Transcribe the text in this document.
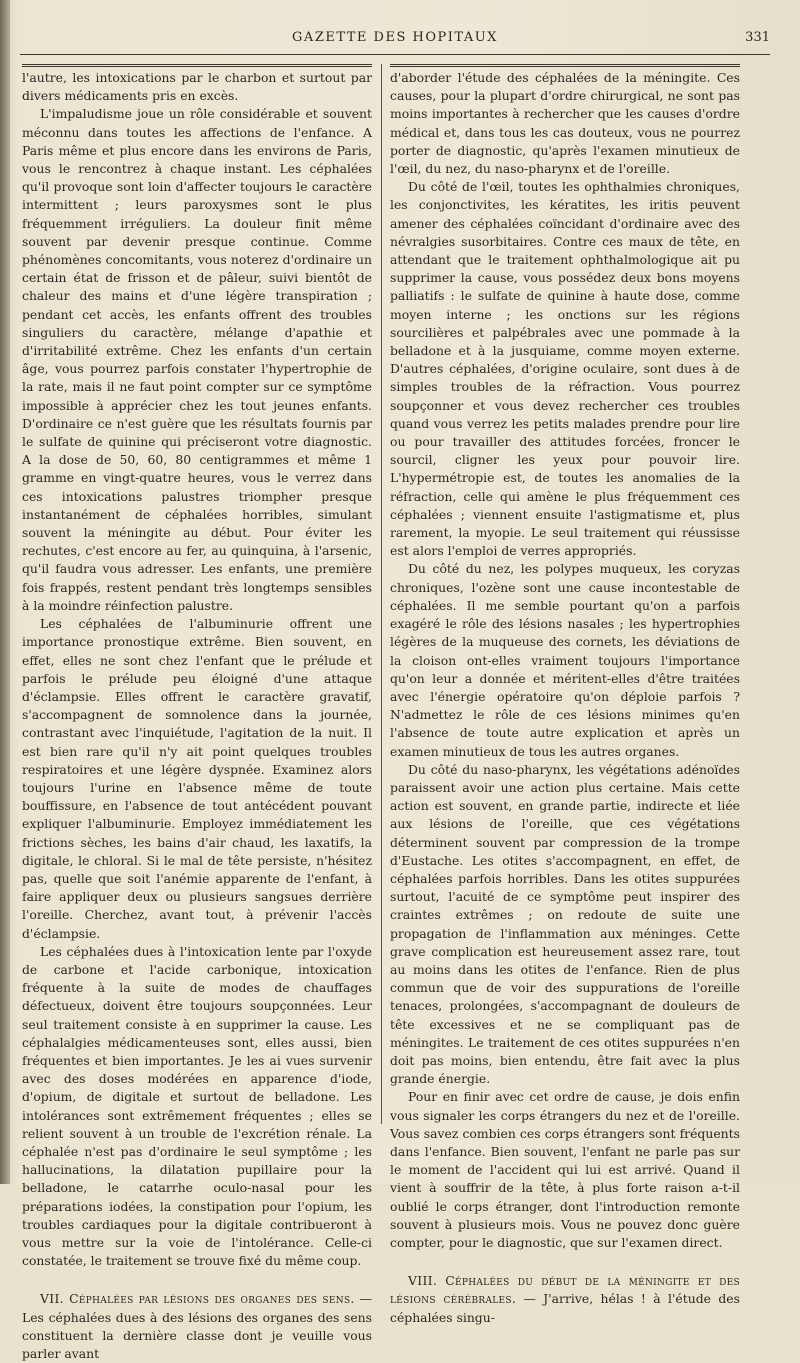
GAZETTE DES HOPITAUX	331

l'autre, les intoxications par le charbon et surtout par divers médicaments pris en excès.

L'impaludisme joue un rôle considérable et souvent méconnu dans toutes les affections de l'enfance. A Paris même et plus encore dans les environs de Paris, vous le rencontrez à chaque instant. Les céphalées qu'il provoque sont loin d'affecter toujours le caractère intermittent ; leurs paroxysmes sont le plus fréquemment irréguliers. La douleur finit même souvent par devenir presque continue. Comme phénomènes concomitants, vous noterez d'ordinaire un certain état de frisson et de pâleur, suivi bientôt de chaleur des mains et d'une légère transpiration ; pendant cet accès, les enfants offrent des troubles singuliers du caractère, mélange d'apathie et d'irritabilité extrême. Chez les enfants d'un certain âge, vous pourrez parfois constater l'hypertrophie de la rate, mais il ne faut point compter sur ce symptôme impossible à apprécier chez les tout jeunes enfants. D'ordinaire ce n'est guère que les résultats fournis par le sulfate de quinine qui préciseront votre diagnostic. A la dose de 50, 60, 80 centigrammes et même 1 gramme en vingt-quatre heures, vous le verrez dans ces intoxications palustres triompher presque instantanément de céphalées horribles, simulant souvent la méningite au début. Pour éviter les rechutes, c'est encore au fer, au quinquina, à l'arsenic, qu'il faudra vous adresser. Les enfants, une première fois frappés, restent pendant très longtemps sensibles à la moindre réinfection palustre.

Les céphalées de l'albuminurie offrent une importance pronostique extrême. Bien souvent, en effet, elles ne sont chez l'enfant que le prélude et parfois le prélude peu éloigné d'une attaque d'éclampsie. Elles offrent le caractère gravatif, s'accompagnent de somnolence dans la journée, contrastant avec l'inquiétude, l'agitation de la nuit. Il est bien rare qu'il n'y ait point quelques troubles respiratoires et une légère dyspnée. Examinez alors toujours l'urine en l'absence même de toute bouffissure, en l'absence de tout antécédent pouvant expliquer l'albuminurie. Employez immédiatement les frictions sèches, les bains d'air chaud, les laxatifs, la digitale, le chloral. Si le mal de tête persiste, n'hésitez pas, quelle que soit l'anémie apparente de l'enfant, à faire appliquer deux ou plusieurs sangsues derrière l'oreille. Cherchez, avant tout, à prévenir l'accès d'éclampsie.

Les céphalées dues à l'intoxication lente par l'oxyde de carbone et l'acide carbonique, intoxication fréquente à la suite de modes de chauffages défectueux, doivent être toujours soupçonnées. Leur seul traitement consiste à en supprimer la cause. Les céphalalgies médicamenteuses sont, elles aussi, bien fréquentes et bien importantes. Je les ai vues survenir avec des doses modérées en apparence d'iode, d'opium, de digitale et surtout de belladone. Les intolérances sont extrêmement fréquentes ; elles se relient souvent à un trouble de l'excrétion rénale. La céphalée n'est pas d'ordinaire le seul symptôme ; les hallucinations, la dilatation pupillaire pour la belladone, le catarrhe oculo-nasal pour les préparations iodées, la constipation pour l'opium, les troubles cardiaques pour la digitale contribueront à vous mettre sur la voie de l'intolérance. Celle-ci constatée, le traitement se trouve fixé du même coup.

VII. Céphalées par lésions des organes des sens. — Les céphalées dues à des lésions des organes des sens constituent la dernière classe dont je veuille vous parler avant

d'aborder l'étude des céphalées de la méningite. Ces causes, pour la plupart d'ordre chirurgical, ne sont pas moins importantes à rechercher que les causes d'ordre médical et, dans tous les cas douteux, vous ne pourrez porter de diagnostic, qu'après l'examen minutieux de l'œil, du nez, du naso-pharynx et de l'oreille.

Du côté de l'œil, toutes les ophthalmies chroniques, les conjonctivites, les kératites, les iritis peuvent amener des céphalées coïncidant d'ordinaire avec des névralgies susorbitaires. Contre ces maux de tête, en attendant que le traitement ophthalmologique ait pu supprimer la cause, vous possédez deux bons moyens palliatifs : le sulfate de quinine à haute dose, comme moyen interne ; les onctions sur les régions sourcilières et palpébrales avec une pommade à la belladone et à la jusquiame, comme moyen externe. D'autres céphalées, d'origine oculaire, sont dues à de simples troubles de la réfraction. Vous pourrez soupçonner et vous devez rechercher ces troubles quand vous verrez les petits malades prendre pour lire ou pour travailler des attitudes forcées, froncer le sourcil, cligner les yeux pour pouvoir lire. L'hypermétropie est, de toutes les anomalies de la réfraction, celle qui amène le plus fréquemment ces céphalées ; viennent ensuite l'astigmatisme et, plus rarement, la myopie. Le seul traitement qui réussisse est alors l'emploi de verres appropriés.

Du côté du nez, les polypes muqueux, les coryzas chroniques, l'ozène sont une cause incontestable de céphalées. Il me semble pourtant qu'on a parfois exagéré le rôle des lésions nasales ; les hypertrophies légères de la muqueuse des cornets, les déviations de la cloison ont-elles vraiment toujours l'importance qu'on leur a donnée et méritent-elles d'être traitées avec l'énergie opératoire qu'on déploie parfois ? N'admettez le rôle de ces lésions minimes qu'en l'absence de toute autre explication et après un examen minutieux de tous les autres organes.

Du côté du naso-pharynx, les végétations adénoïdes paraissent avoir une action plus certaine. Mais cette action est souvent, en grande partie, indirecte et liée aux lésions de l'oreille, que ces végétations déterminent souvent par compression de la trompe d'Eustache. Les otites s'accompagnent, en effet, de céphalées parfois horribles. Dans les otites suppurées surtout, l'acuité de ce symptôme peut inspirer des craintes extrêmes ; on redoute de suite une propagation de l'inflammation aux méninges. Cette grave complication est heureusement assez rare, tout au moins dans les otites de l'enfance. Rien de plus commun que de voir des suppurations de l'oreille tenaces, prolongées, s'accompagnant de douleurs de tête excessives et ne se compliquant pas de méningites. Le traitement de ces otites suppurées n'en doit pas moins, bien entendu, être fait avec la plus grande énergie.

Pour en finir avec cet ordre de cause, je dois enfin vous signaler les corps étrangers du nez et de l'oreille. Vous savez combien ces corps étrangers sont fréquents dans l'enfance. Bien souvent, l'enfant ne parle pas sur le moment de l'accident qui lui est arrivé. Quand il vient à souffrir de la tête, à plus forte raison a-t-il oublié le corps étranger, dont l'introduction remonte souvent à plusieurs mois. Vous ne pouvez donc guère compter, pour le diagnostic, que sur l'examen direct.

VIII. Céphalées du début de la méningite et des lésions cérébrales. — J'arrive, hélas ! à l'étude des céphalées singu-
